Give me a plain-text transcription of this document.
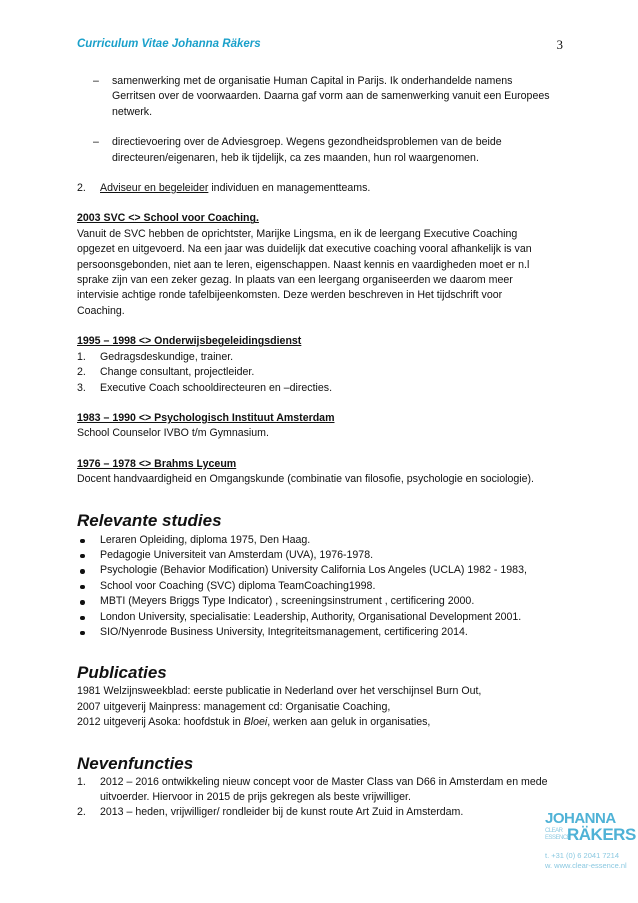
Curriculum Vitae Johanna Räkers	3
– samenwerking met de organisatie Human Capital in Parijs. Ik onderhandelde namens
Gerritsen over de voorwaarden. Daarna gaf vorm aan de samenwerking vanuit een Europees
netwerk.
– directievoering over de Adviesgroep. Wegens gezondheidsproblemen van de beide
directeuren/eigenaren, heb ik tijdelijk, ca zes maanden, hun rol waargenomen.
2. Adviseur en begeleider individuen en managementteams.
2003 SVC <> School voor Coaching.
Vanuit de SVC hebben de oprichtster, Marijke Lingsma, en ik de leergang Executive Coaching
opgezet en uitgevoerd. Na een jaar was duidelijk dat executive coaching vooral afhankelijk is van
persoonsgebonden, niet aan te leren, eigenschappen. Naast kennis en vaardigheden moet er n.l
sprake zijn van een zeker gezag. In plaats van een leergang organiseerden we daarom meer
intervisie achtige ronde tafelbijeenkomsten. Deze werden beschreven in Het tijdschrift voor
Coaching.
1995 – 1998 <> Onderwijsbegeleidingsdienst
1. Gedragsdeskundige, trainer.
2. Change consultant, projectleider.
3. Executive Coach schooldirecteuren en –directies.
1983 – 1990 <> Psychologisch Instituut Amsterdam
School Counselor IVBO t/m Gymnasium.
1976 – 1978 <> Brahms Lyceum
Docent handvaardigheid en Omgangskunde (combinatie van filosofie, psychologie en sociologie).
Relevante studies
Leraren Opleiding, diploma 1975, Den Haag.
Pedagogie Universiteit van Amsterdam (UVA), 1976-1978.
Psychologie (Behavior Modification) University California Los Angeles (UCLA) 1982 - 1983,
School voor Coaching (SVC) diploma TeamCoaching1998.
MBTI (Meyers Briggs Type Indicator) , screeningsinstrument , certificering 2000.
London University, specialisatie: Leadership, Authority, Organisational Development 2001.
SIO/Nyenrode Business University, Integriteitsmanagement, certificering 2014.
Publicaties
1981 Welzijnsweekblad: eerste publicatie in Nederland over het verschijnsel Burn Out,
2007 uitgeverij Mainpress: management cd: Organisatie Coaching,
2012 uitgeverij Asoka: hoofdstuk in Bloei, werken aan geluk in organisaties,
Nevenfuncties
1. 2012 – 2016 ontwikkeling nieuw concept voor de Master Class van D66 in Amsterdam en mede
uitvoerder. Hiervoor in 2015 de prijs gekregen als beste vrijwilliger.
2. 2013 – heden, vrijwilliger/ rondleider bij de kunst route Art Zuid in Amsterdam.	JOHANNA
CLEAR
ESSENCE
RÄKERS
t. +31 (0) 6 2041 7214
w. www.clear-essence.nl
